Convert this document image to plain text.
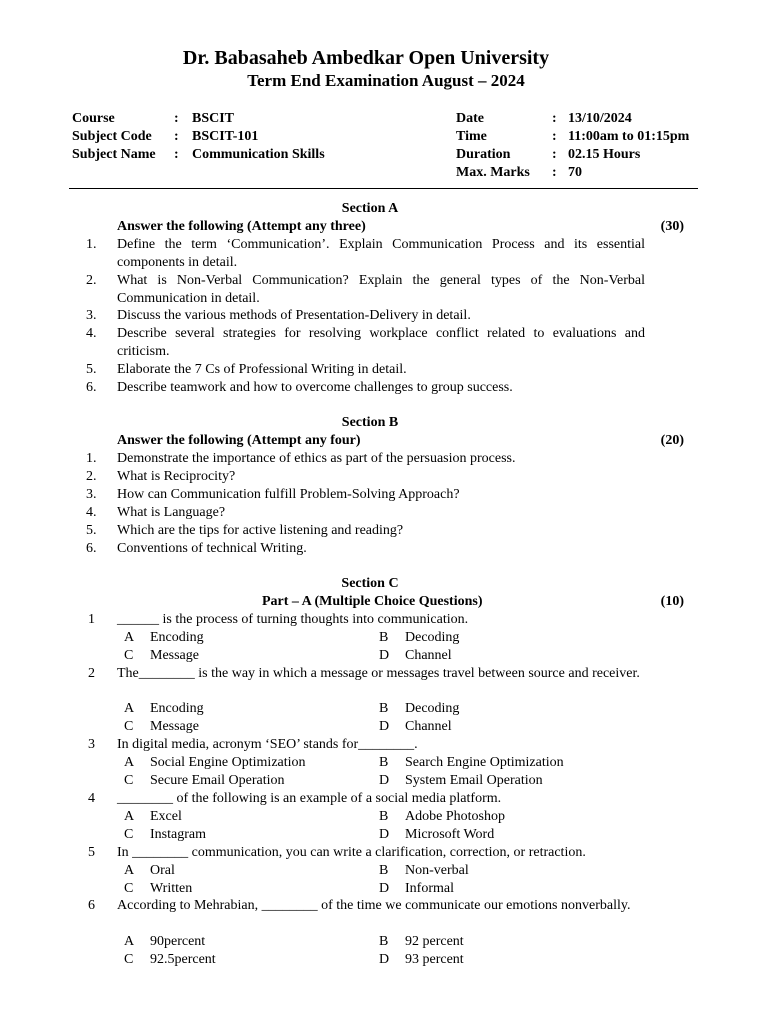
Dr. Babasaheb Ambedkar Open University
Term End Examination August – 2024
Course	: BSCIT
Subject Code : BSCIT-101
Subject Name : Communication Skills
Date	: 13/10/2024
Time	: 11:00am to 01:15pm
Duration	: 02.15 Hours
Max. Marks : 70
Section A
Answer the following (Attempt any three)	(30)
1. Define the term ‘Communication’. Explain Communication Process and its essential components in detail.
2. What is Non-Verbal Communication? Explain the general types of the Non-Verbal Communication in detail.
3. Discuss the various methods of Presentation-Delivery in detail.
4. Describe several strategies for resolving workplace conflict related to evaluations and criticism.
5. Elaborate the 7 Cs of Professional Writing in detail.
6. Describe teamwork and how to overcome challenges to group success.
Section B
Answer the following (Attempt any four)	(20)
1. Demonstrate the importance of ethics as part of the persuasion process.
2. What is Reciprocity?
3. How can Communication fulfill Problem-Solving Approach?
4. What is Language?
5. Which are the tips for active listening and reading?
6. Conventions of technical Writing.
Section C
Part – A (Multiple Choice Questions)	(10)
1 ______ is the process of turning thoughts into communication.
A Encoding	B Decoding
C Message	D Channel
2 The________ is the way in which a message or messages travel between source and receiver.
A Encoding	B Decoding
C Message	D Channel
3 In digital media, acronym ‘SEO’ stands for________.
A Social Engine Optimization	B Search Engine Optimization
C Secure Email Operation	D System Email Operation
4 ________ of the following is an example of a social media platform.
A Excel	B Adobe Photoshop
C Instagram	D Microsoft Word
5 In ________ communication, you can write a clarification, correction, or retraction.
A Oral	B Non-verbal
C Written	D Informal
6 According to Mehrabian, ________ of the time we communicate our emotions nonverbally.
A 90percent	B 92 percent
C 92.5percent	D 93 percent
